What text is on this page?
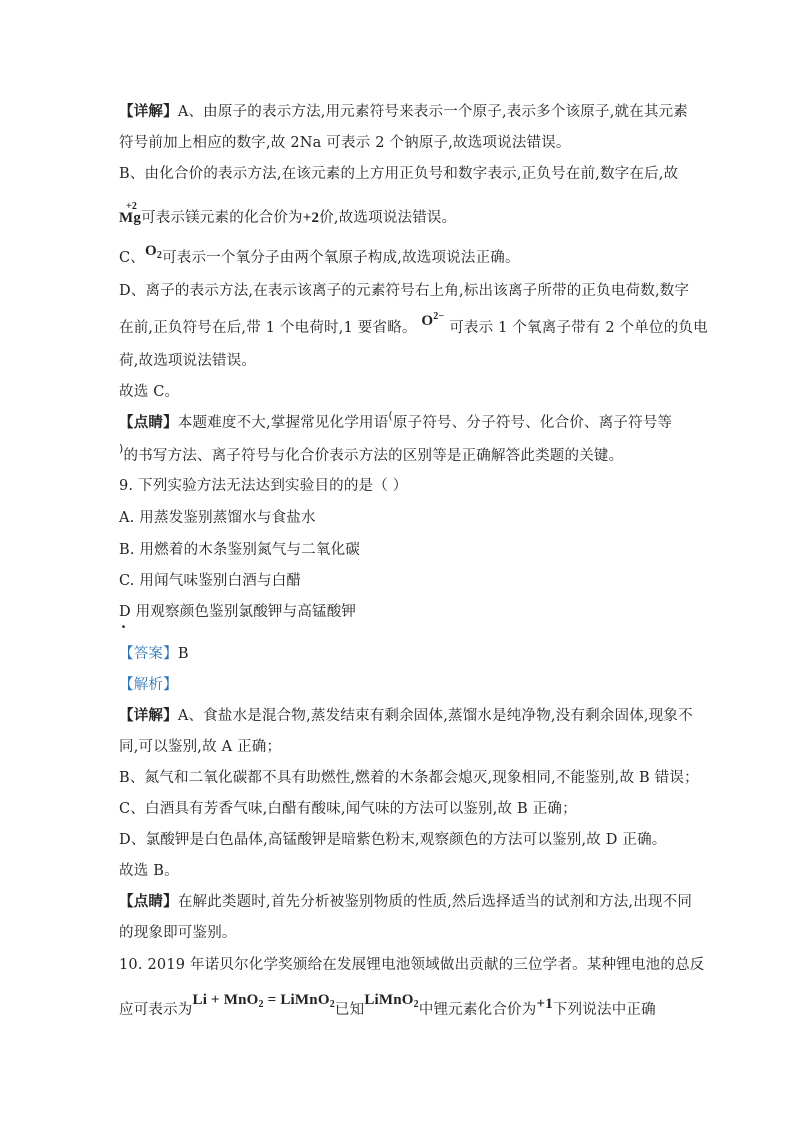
【详解】A、由原子的表示方法,用元素符号来表示一个原子,表示多个该原子,就在其元素
符号前加上相应的数字,故 2Na 可表示 2 个钠原子,故选项说法错误。
B、由化合价的表示方法,在该元素的上方用正负号和数字表示,正负号在前,数字在后,故
+2
Mg可表示镁元素的化合价为+2价,故选项说法错误。
C、$O_2$可表示一个氧分子由两个氧原子构成,故选项说法正确。
D、离子的表示方法,在表示该离子的元素符号右上角,标出该离子所带的正负电荷数,数字
在前,正负符号在后,带 1 个电荷时,1 要省略。 $O^{2-}$ 可表示 1 个氧离子带有 2 个单位的负电
荷,故选项说法错误。
故选 C。
【点睛】本题难度不大,掌握常见化学用语(原子符号、分子符号、化合价、离子符号等
)的书写方法、离子符号与化合价表示方法的区别等是正确解答此类题的关键。
9. 下列实验方法无法达到实验目的的是（ ）
A. 用蒸发鉴别蒸馏水与食盐水
B. 用燃着的木条鉴别氮气与二氧化碳
C. 用闻气味鉴别白酒与白醋
D 用观察颜色鉴别氯酸钾与高锰酸钾
.
【答案】B
【解析】
【详解】A、食盐水是混合物,蒸发结束有剩余固体,蒸馏水是纯净物,没有剩余固体,现象不
同,可以鉴别,故 A 正确；
B、氮气和二氧化碳都不具有助燃性,燃着的木条都会熄灭,现象相同,不能鉴别,故 B 错误；
C、白酒具有芳香气味,白醋有酸味,闻气味的方法可以鉴别,故 B 正确；
D、氯酸钾是白色晶体,高锰酸钾是暗紫色粉末,观察颜色的方法可以鉴别,故 D 正确。
故选 B。
【点睛】在解此类题时,首先分析被鉴别物质的性质,然后选择适当的试剂和方法,出现不同
的现象即可鉴别。
10. 2019 年诺贝尔化学奖颁给在发展锂电池领域做出贡献的三位学者。某种锂电池的总反
应可表示为Li + MnO$_2$ = LiMnO$_2$已知LiMnO$_2$中锂元素化合价为+1下列说法中正确
